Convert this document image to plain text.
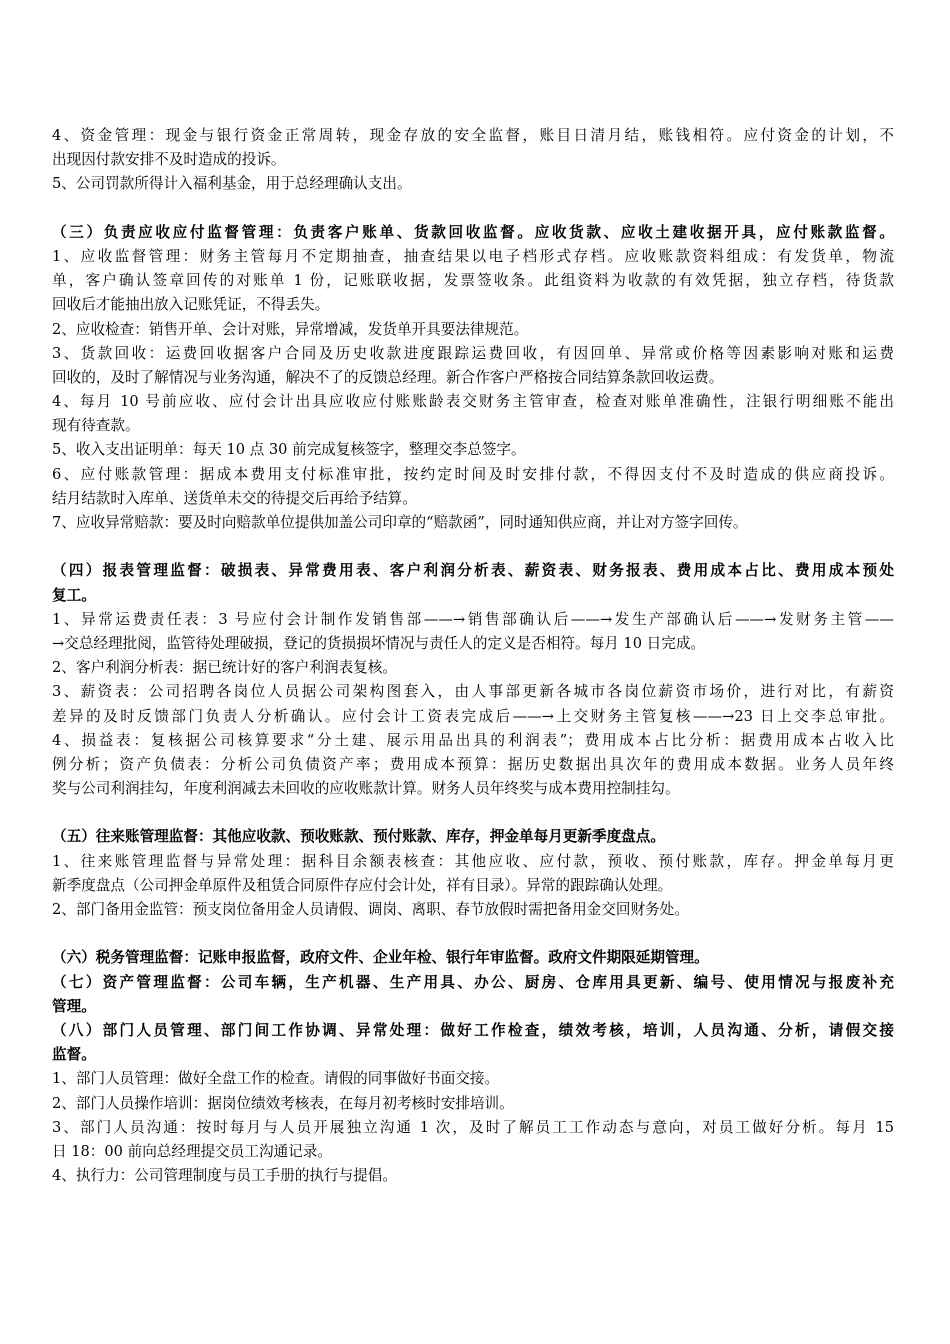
4、资金管理：现金与银行资金正常周转，现金存放的安全监督，账目日清月结，账钱相符。应付资金的计划，不
出现因付款安排不及时造成的投诉。
5、公司罚款所得计入福利基金，用于总经理确认支出。
（三）负责应收应付监督管理：负责客户账单、货款回收监督。应收货款、应收土建收据开具，应付账款监督。
1、应收监督管理：财务主管每月不定期抽查，抽查结果以电子档形式存档。应收账款资料组成：有发货单，物流
单，客户确认签章回传的对账单 1 份，记账联收据，发票签收条。此组资料为收款的有效凭据，独立存档，待货款
回收后才能抽出放入记账凭证，不得丢失。
2、应收检查：销售开单、会计对账，异常增减，发货单开具要法律规范。
3、货款回收：运费回收据客户合同及历史收款进度跟踪运费回收，有因回单、异常或价格等因素影响对账和运费
回收的，及时了解情况与业务沟通，解决不了的反馈总经理。新合作客户严格按合同结算条款回收运费。
4、每月 10 号前应收、应付会计出具应收应付账账龄表交财务主管审查，检查对账单准确性，注银行明细账不能出
现有待查款。
5、收入支出证明单：每天 10 点 30 前完成复核签字，整理交李总签字。
6、应付账款管理：据成本费用支付标准审批，按约定时间及时安排付款，不得因支付不及时造成的供应商投诉。
结月结款时入库单、送货单未交的待提交后再给予结算。
7、应收异常赔款：要及时向赔款单位提供加盖公司印章的“赔款函”，同时通知供应商，并让对方签字回传。
（四）报表管理监督：破损表、异常费用表、客户利润分析表、薪资表、财务报表、费用成本占比、费用成本预处
复工。
1、异常运费责任表：3 号应付会计制作发销售部——→销售部确认后——→发生产部确认后——→发财务主管——
→交总经理批阅，监管待处理破损，登记的货损损坏情况与责任人的定义是否相符。每月 10 日完成。
2、客户利润分析表：据已统计好的客户利润表复核。
3、薪资表：公司招聘各岗位人员据公司架构图套入，由人事部更新各城市各岗位薪资市场价，进行对比，有薪资
差异的及时反馈部门负责人分析确认。应付会计工资表完成后——→上交财务主管复核——→23 日上交李总审批。
4、损益表：复核据公司核算要求“分土建、展示用品出具的利润表”；费用成本占比分析：据费用成本占收入比
例分析；资产负债表：分析公司负债资产率；费用成本预算：据历史数据出具次年的费用成本数据。业务人员年终
奖与公司利润挂勾，年度利润减去未回收的应收账款计算。财务人员年终奖与成本费用控制挂勾。
（五）往来账管理监督：其他应收款、预收账款、预付账款、库存，押金单每月更新季度盘点。
1、往来账管理监督与异常处理：据科目余额表核查：其他应收、应付款，预收、预付账款，库存。押金单每月更
新季度盘点（公司押金单原件及租赁合同原件存应付会计处，祥有目录）。异常的跟踪确认处理。
2、部门备用金监管：预支岗位备用金人员请假、调岗、离职、春节放假时需把备用金交回财务处。
（六）税务管理监督：记账申报监督，政府文件、企业年检、银行年审监督。政府文件期限延期管理。
（七）资产管理监督：公司车辆，生产机器、生产用具、办公、厨房、仓库用具更新、编号、使用情况与报废补充
管理。
（八）部门人员管理、部门间工作协调、异常处理：做好工作检查，绩效考核，培训，人员沟通、分析，请假交接
监督。
1、部门人员管理：做好全盘工作的检查。请假的同事做好书面交接。
2、部门人员操作培训：据岗位绩效考核表，在每月初考核时安排培训。
3、部门人员沟通：按时每月与人员开展独立沟通 1 次，及时了解员工工作动态与意向，对员工做好分析。每月 15
日 18：00 前向总经理提交员工沟通记录。
4、执行力：公司管理制度与员工手册的执行与提倡。
